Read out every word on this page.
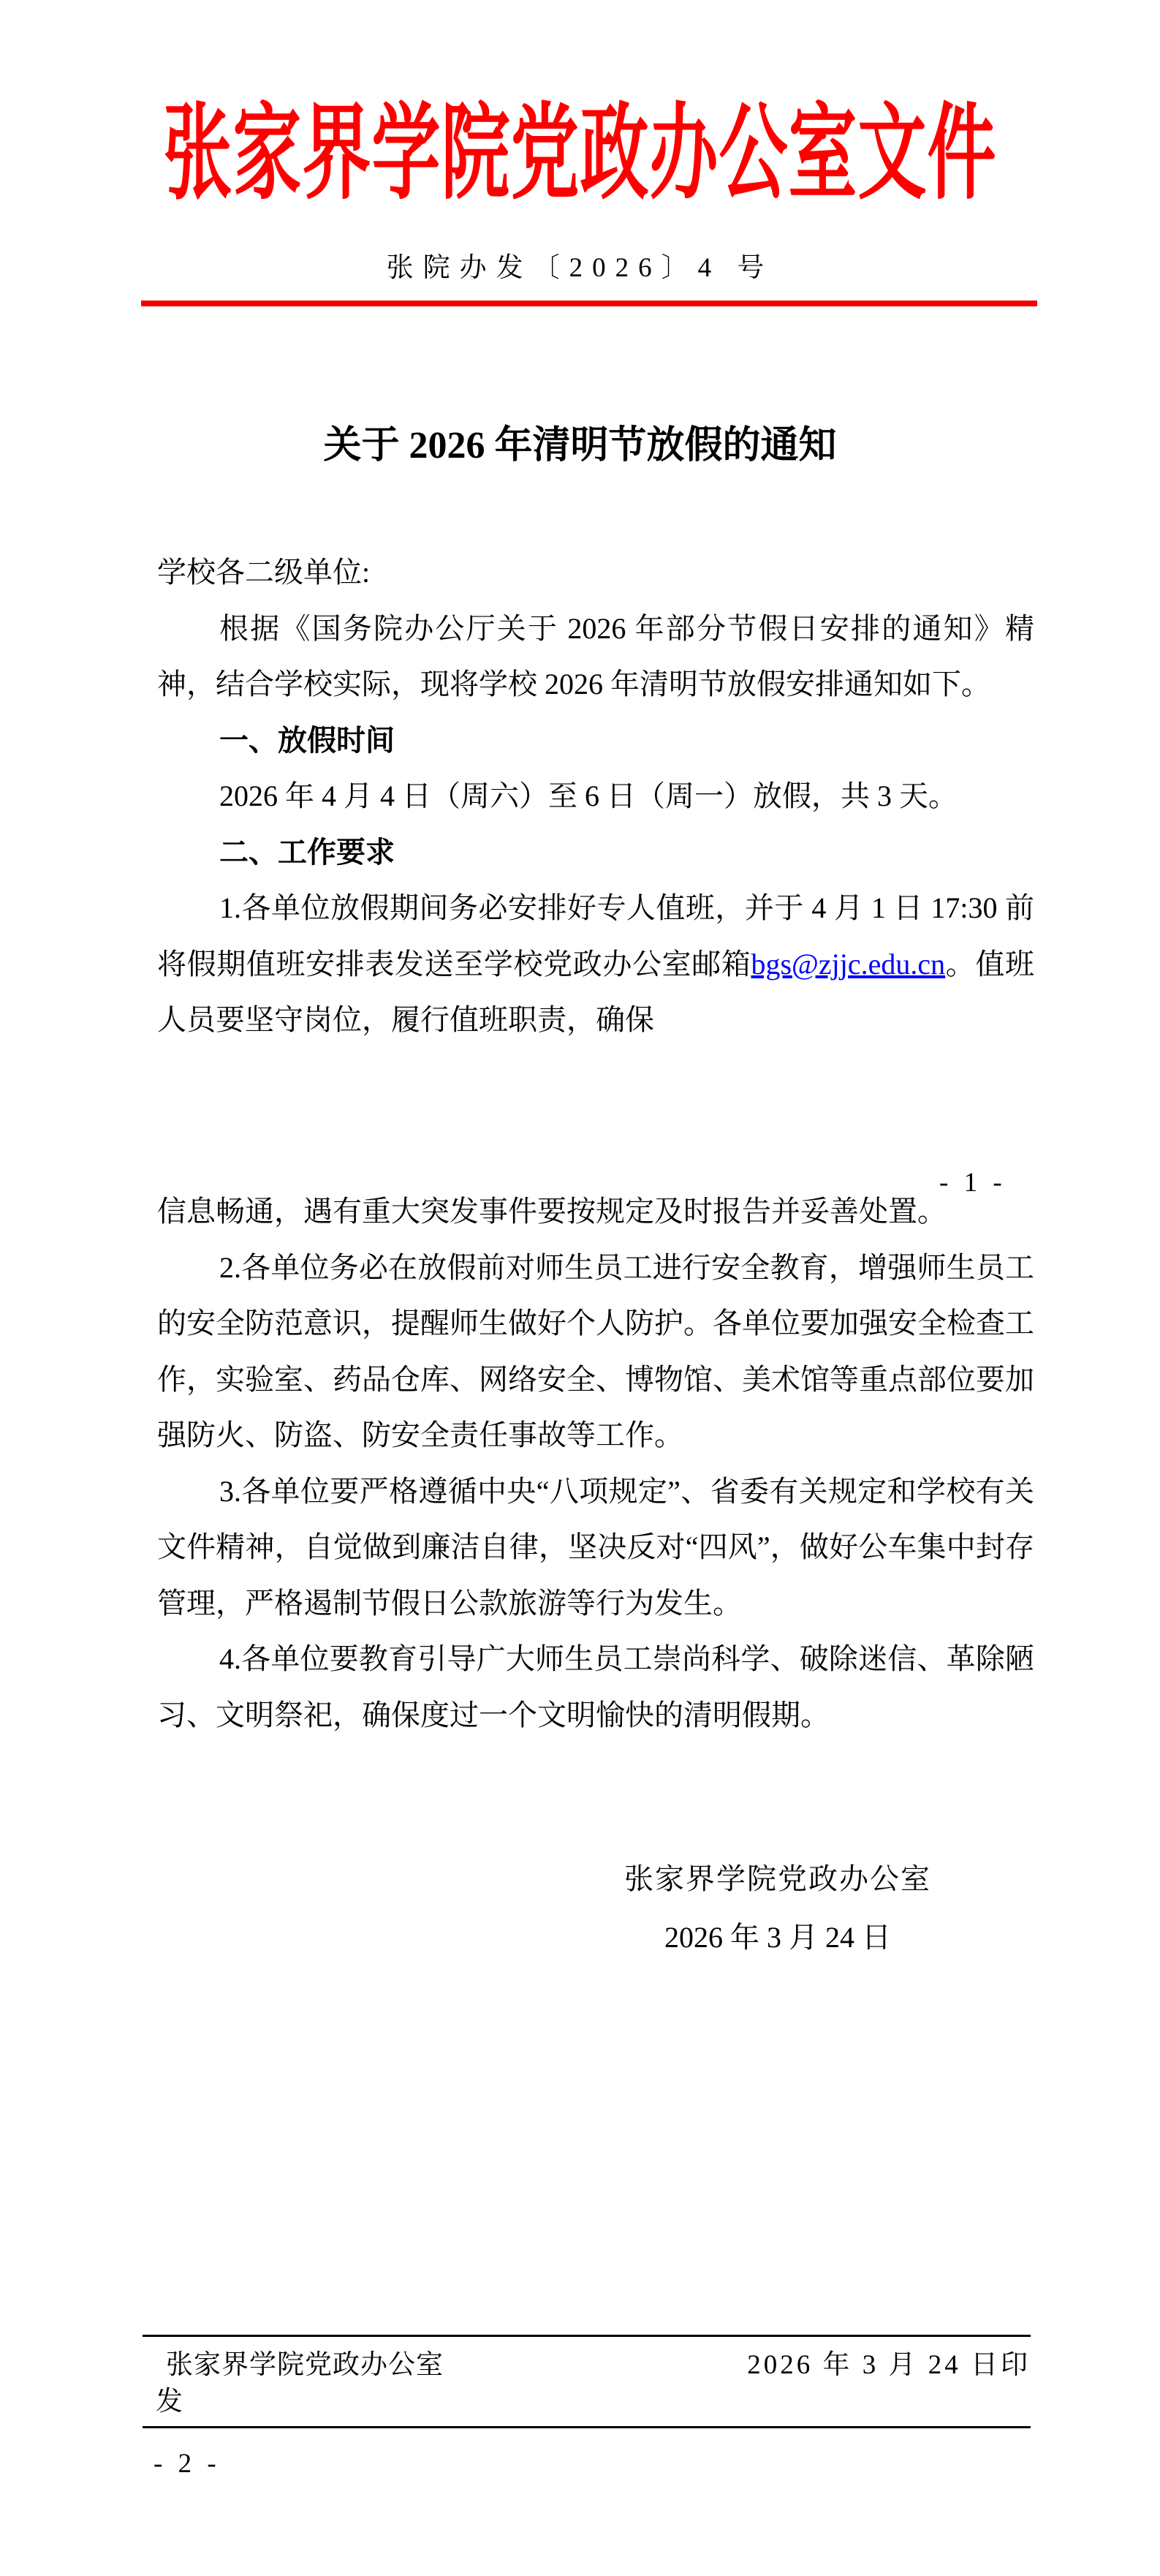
张家界学院党政办公室文件
张院办发〔2026〕4 号
关于 2026 年清明节放假的通知
学校各二级单位:
根据《国务院办公厅关于 2026 年部分节假日安排的通知》精神，结合学校实际，现将学校 2026 年清明节放假安排通知如下。
一、放假时间
2026 年 4 月 4 日（周六）至 6 日（周一）放假，共 3 天。
二、工作要求
1.各单位放假期间务必安排好专人值班，并于 4 月 1 日 17:30 前将假期值班安排表发送至学校党政办公室邮箱bgs@zjjc.edu.cn。值班人员要坚守岗位，履行值班职责，确保
- 1 -
信息畅通，遇有重大突发事件要按规定及时报告并妥善处置。
2.各单位务必在放假前对师生员工进行安全教育，增强师生员工的安全防范意识，提醒师生做好个人防护。各单位要加强安全检查工作，实验室、药品仓库、网络安全、博物馆、美术馆等重点部位要加强防火、防盗、防安全责任事故等工作。
3.各单位要严格遵循中央“八项规定”、省委有关规定和学校有关文件精神，自觉做到廉洁自律，坚决反对“四风”，做好公车集中封存管理，严格遏制节假日公款旅游等行为发生。
4.各单位要教育引导广大师生员工崇尚科学、破除迷信、革除陋习、文明祭祀，确保度过一个文明愉快的清明假期。
张家界学院党政办公室
2026 年 3 月 24 日
张家界学院党政办公室	2026 年 3 月 24 日印
发
- 2 -
